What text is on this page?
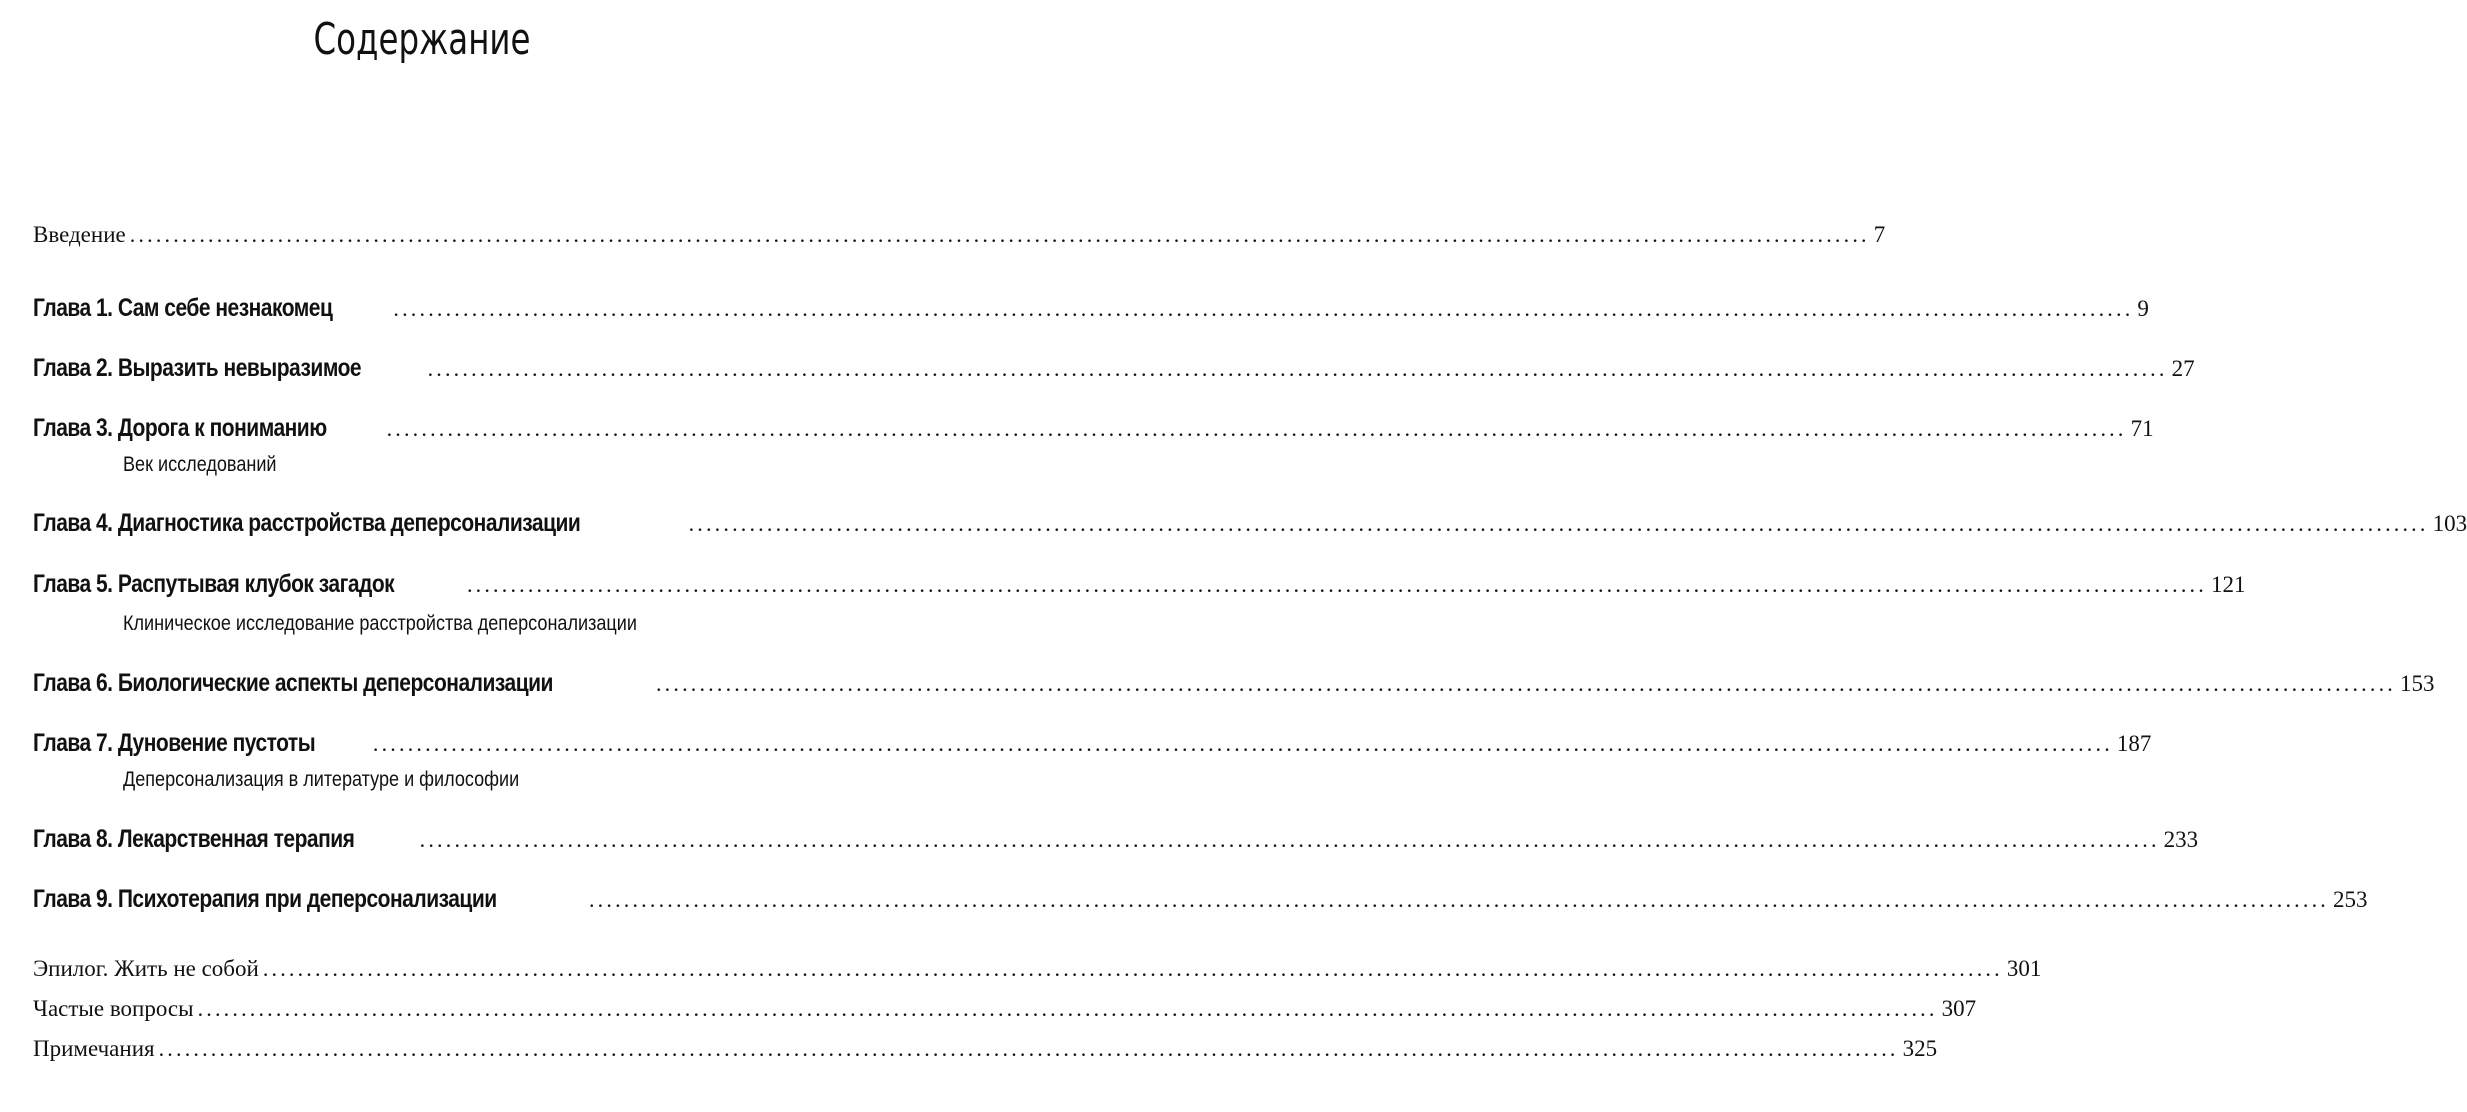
Содержание
Введение ........................................................................................................................................................................................................ 7
Глава 1. Сам себе незнакомец	........................................................................................................................................................................................................ 9
Глава 2. Выразить невыразимое	........................................................................................................................................................................................................ 27
Глава 3. Дорога к пониманию	........................................................................................................................................................................................................ 71
Век исследований
Глава 4. Диагностика расстройства деперсонализации	........................................................................................................................................................................................................ 103
Глава 5. Распутывая клубок загадок	........................................................................................................................................................................................................ 121
Клиническое исследование расстройства деперсонализации
Глава 6. Биологические аспекты деперсонализации	........................................................................................................................................................................................................ 153
Глава 7. Дуновение пустоты	........................................................................................................................................................................................................ 187
Деперсонализация в литературе и философии
Глава 8. Лекарственная терапия	........................................................................................................................................................................................................ 233
Глава 9. Психотерапия при деперсонализации	........................................................................................................................................................................................................ 253
Эпилог. Жить не собой ........................................................................................................................................................................................................ 301
Частые вопросы ........................................................................................................................................................................................................ 307
Примечания ........................................................................................................................................................................................................ 325
